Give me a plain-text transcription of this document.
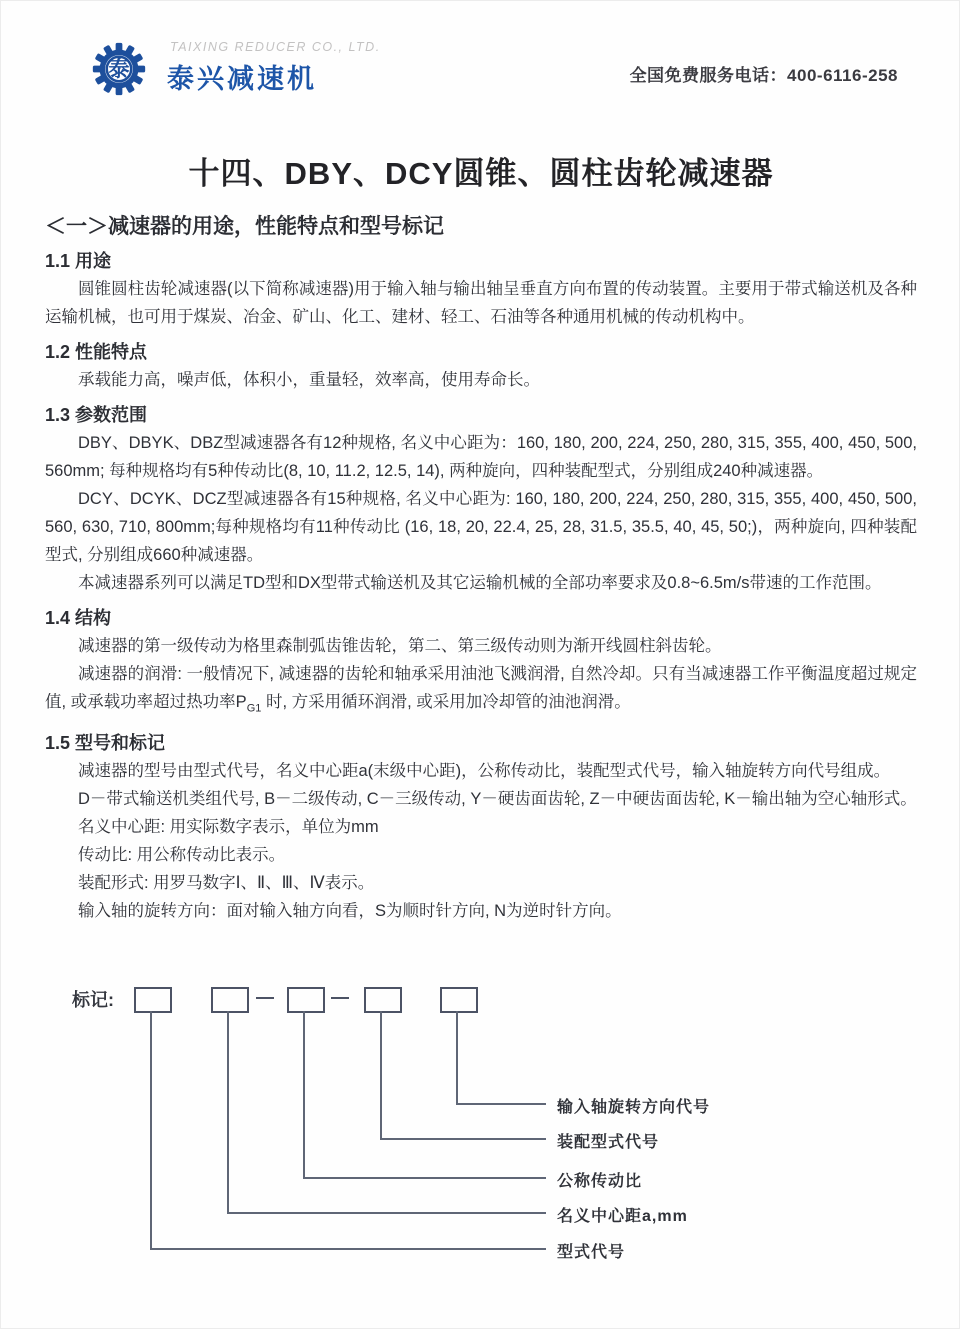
泰
TAIXING REDUCER CO., LTD.
泰兴减速机	全国免费服务电话：400-6116-258
十四、DBY、DCY圆锥、圆柱齿轮减速器
＜一＞减速器的用途，性能特点和型号标记
1.1 用途

圆锥圆柱齿轮减速器(以下简称减速器)用于输入轴与输出轴呈垂直方向布置的传动装置。主要用于带式输送机及各种运输机械，也可用于煤炭、冶金、矿山、化工、建材、轻工、石油等各种通用机械的传动机构中。

1.2 性能特点

承载能力高，噪声低，体积小，重量轻，效率高，使用寿命长。

1.3 参数范围

DBY、DBYK、DBZ型减速器各有12种规格, 名义中心距为：160, 180, 200, 224, 250, 280, 315, 355, 400, 450, 500, 560mm; 每种规格均有5种传动比(8, 10, 11.2, 12.5, 14), 两种旋向，四种装配型式，分别组成240种减速器。

DCY、DCYK、DCZ型减速器各有15种规格, 名义中心距为: 160, 180, 200, 224, 250, 280, 315, 355, 400, 450, 500, 560, 630, 710, 800mm;每种规格均有11种传动比 (16, 18, 20, 22.4, 25, 28, 31.5, 35.5, 40, 45, 50;)，两种旋向, 四种装配型式, 分别组成660种减速器。

本减速器系列可以满足TD型和DX型带式输送机及其它运输机械的全部功率要求及0.8~6.5m/s带速的工作范围。

1.4 结构

减速器的第一级传动为格里森制弧齿锥齿轮，第二、第三级传动则为渐开线圆柱斜齿轮。

减速器的润滑: 一般情况下, 减速器的齿轮和轴承采用油池飞溅润滑, 自然冷却。只有当减速器工作平衡温度超过规定值, 或承载功率超过热功率$P_{G1}$ 时, 方采用循环润滑, 或采用加冷却管的油池润滑。

1.5 型号和标记

减速器的型号由型式代号，名义中心距a(末级中心距)，公称传动比，装配型式代号，输入轴旋转方向代号组成。

D－带式输送机类组代号, B－二级传动, C－三级传动, Y－硬齿面齿轮, Z－中硬齿面齿轮, K－输出轴为空心轴形式。

名义中心距: 用实际数字表示，单位为mm

传动比: 用公称传动比表示。

装配形式: 用罗马数字Ⅰ、Ⅱ、Ⅲ、Ⅳ表示。

输入轴的旋转方向：面对输入轴方向看，S为顺时针方向, N为逆时针方向。

标记:
输入轴旋转方向代号
装配型式代号
公称传动比
名义中心距a,mm
型式代号
